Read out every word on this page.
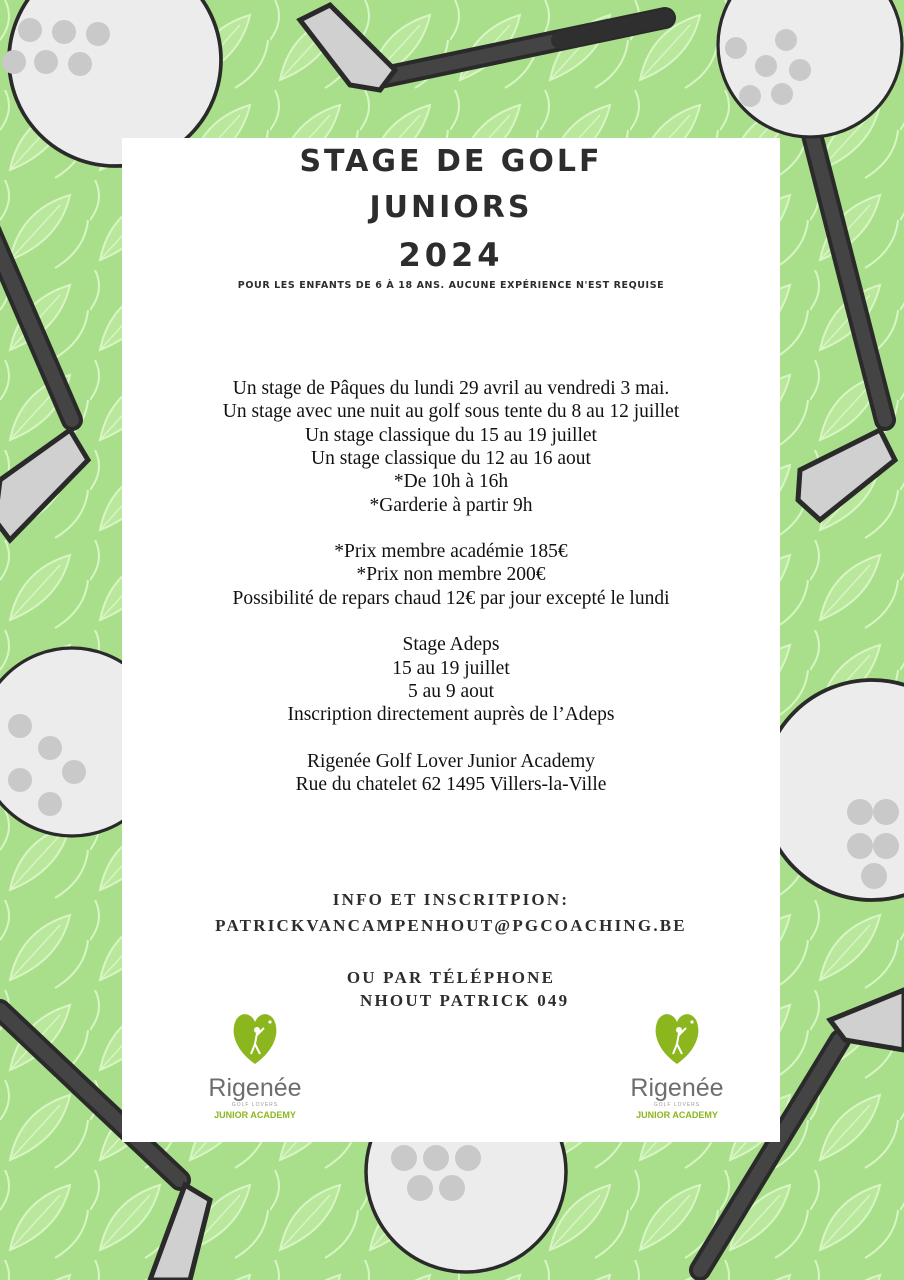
STAGE DE GOLF
JUNIORS
2024
POUR LES ENFANTS DE 6 À 18 ANS. AUCUNE EXPÉRIENCE N'EST REQUISE
Un stage de Pâques du lundi 29 avril au vendredi 3 mai.
Un stage avec une nuit au golf sous tente du 8 au 12 juillet
Un stage classique du 15 au 19 juillet
Un stage classique du 12 au 16 aout
*De 10h à 16h
*Garderie à partir 9h
*Prix membre académie 185€
*Prix non membre 200€
Possibilité de repars chaud 12€ par jour excepté le lundi
Stage Adeps
15 au 19 juillet
5 au 9 aout
Inscription directement auprès de l’Adeps
Rigenée Golf Lover Junior Academy
Rue du chatelet 62 1495 Villers-la-Ville
INFO ET INSCRITPION:
PATRICKVANCAMPENHOUT@PGCOACHING.BE
OU PAR TÉLÉPHONE
NHOUT PATRICK 049
Rigenée
GOLF LOVERS
JUNIOR ACADEMY
Rigenée
GOLF LOVERS
JUNIOR ACADEMY
